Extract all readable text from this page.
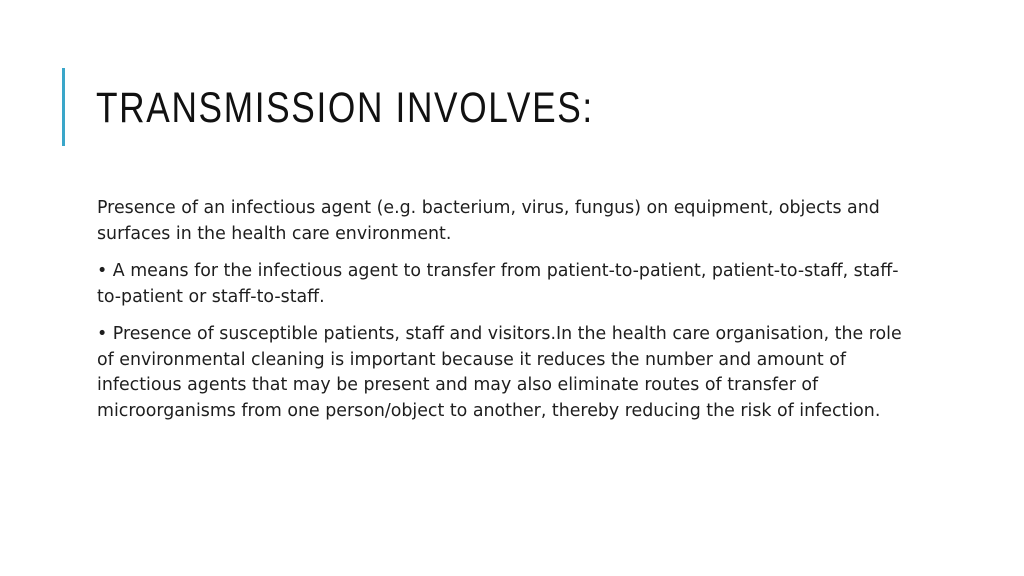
TRANSMISSION INVOLVES:

Presence of an infectious agent (e.g. bacterium, virus, fungus) on equipment, objects and surfaces in the health care environment.

• A means for the infectious agent to transfer from patient-to-patient, patient-to-staff, staff-to-patient or staff-to-staff.

• Presence of susceptible patients, staff and visitors.In the health care organisation, the role of environmental cleaning is important because it reduces the number and amount of infectious agents that may be present and may also eliminate routes of transfer of microorganisms from one person/object to another, thereby reducing the risk of infection.
